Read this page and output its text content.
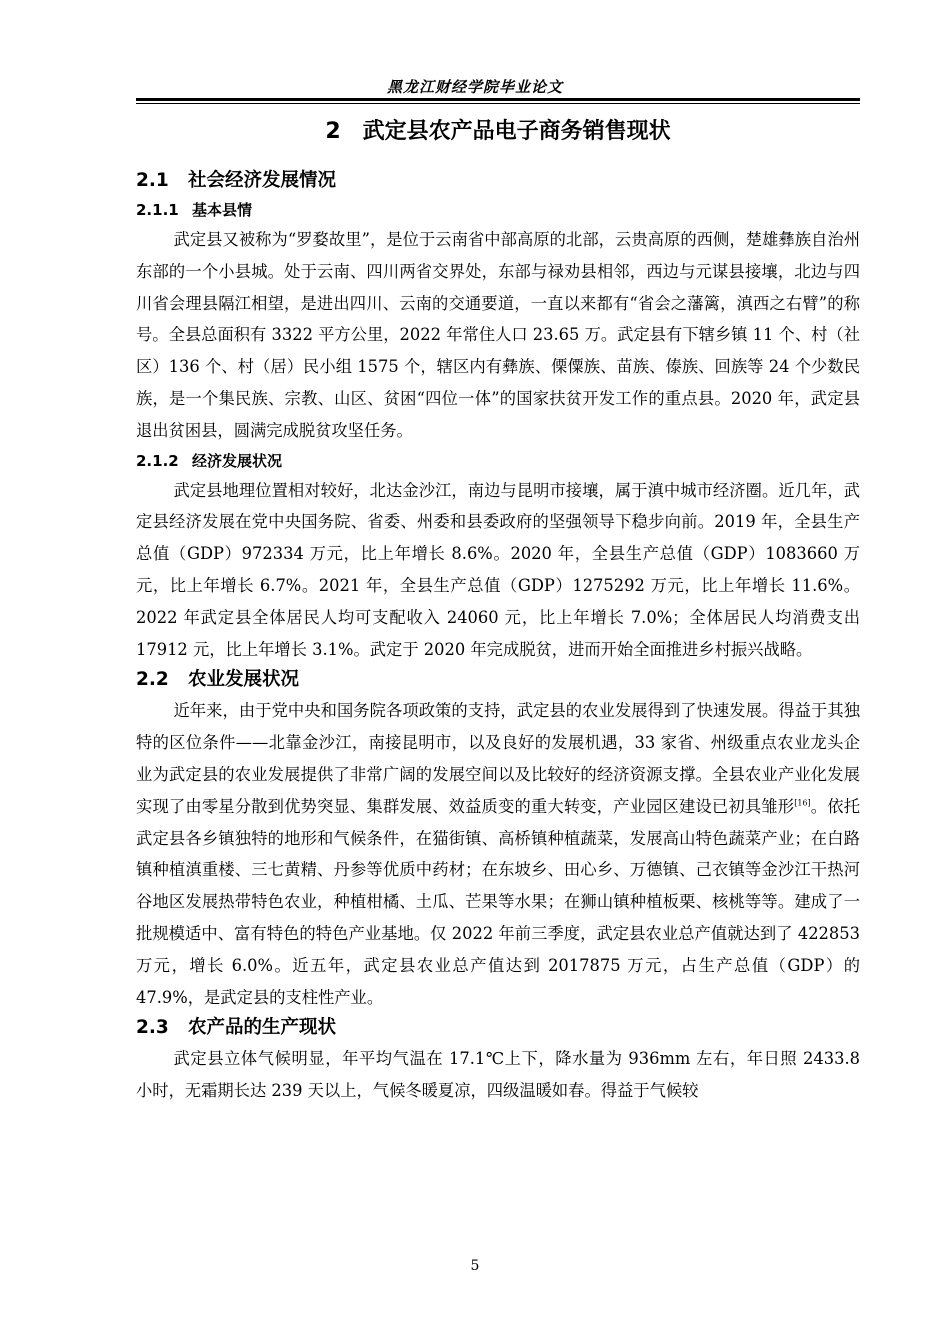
黑龙江财经学院毕业论文
2 武定县农产品电子商务销售现状
2.1 社会经济发展情况
2.1.1 基本县情

武定县又被称为“罗婺故里”，是位于云南省中部高原的北部，云贵高原的西侧，楚雄彝族自治州东部的一个小县城。处于云南、四川两省交界处，东部与禄劝县相邻，西边与元谋县接壤，北边与四川省会理县隔江相望，是进出四川、云南的交通要道，一直以来都有“省会之藩篱，滇西之右臂”的称号。全县总面积有 3322 平方公里，2022 年常住人口 23.65 万。武定县有下辖乡镇 11 个、村（社区）136 个、村（居）民小组 1575 个，辖区内有彝族、傈僳族、苗族、傣族、回族等 24 个少数民族，是一个集民族、宗教、山区、贫困“四位一体”的国家扶贫开发工作的重点县。2020 年，武定县退出贫困县，圆满完成脱贫攻坚任务。

2.1.2 经济发展状况

武定县地理位置相对较好，北达金沙江，南边与昆明市接壤，属于滇中城市经济圈。近几年，武定县经济发展在党中央国务院、省委、州委和县委政府的坚强领导下稳步向前。2019 年，全县生产总值（GDP）972334 万元，比上年增长 8.6%。2020 年，全县生产总值（GDP）1083660 万元，比上年增长 6.7%。2021 年，全县生产总值（GDP）1275292 万元，比上年增长 11.6%。2022 年武定县全体居民人均可支配收入 24060 元，比上年增长 7.0%；全体居民人均消费支出 17912 元，比上年增长 3.1%。武定于 2020 年完成脱贫，进而开始全面推进乡村振兴战略。

2.2 农业发展状况

近年来，由于党中央和国务院各项政策的支持，武定县的农业发展得到了快速发展。得益于其独特的区位条件——北靠金沙江，南接昆明市，以及良好的发展机遇，33 家省、州级重点农业龙头企业为武定县的农业发展提供了非常广阔的发展空间以及比较好的经济资源支撑。全县农业产业化发展实现了由零星分散到优势突显、集群发展、效益质变的重大转变，产业园区建设已初具雏形[16]。依托武定县各乡镇独特的地形和气候条件，在猫街镇、高桥镇种植蔬菜，发展高山特色蔬菜产业；在白路镇种植滇重楼、三七黄精、丹参等优质中药材；在东坡乡、田心乡、万德镇、己衣镇等金沙江干热河谷地区发展热带特色农业，种植柑橘、土瓜、芒果等水果；在狮山镇种植板栗、核桃等等。建成了一批规模适中、富有特色的特色产业基地。仅 2022 年前三季度，武定县农业总产值就达到了 422853 万元，增长 6.0%。近五年，武定县农业总产值达到 2017875 万元，占生产总值（GDP）的 47.9%，是武定县的支柱性产业。

2.3 农产品的生产现状

武定县立体气候明显，年平均气温在 17.1℃上下，降水量为 936mm 左右，年日照 2433.8 小时，无霜期长达 239 天以上，气候冬暖夏凉，四级温暖如春。得益于气候较

5
